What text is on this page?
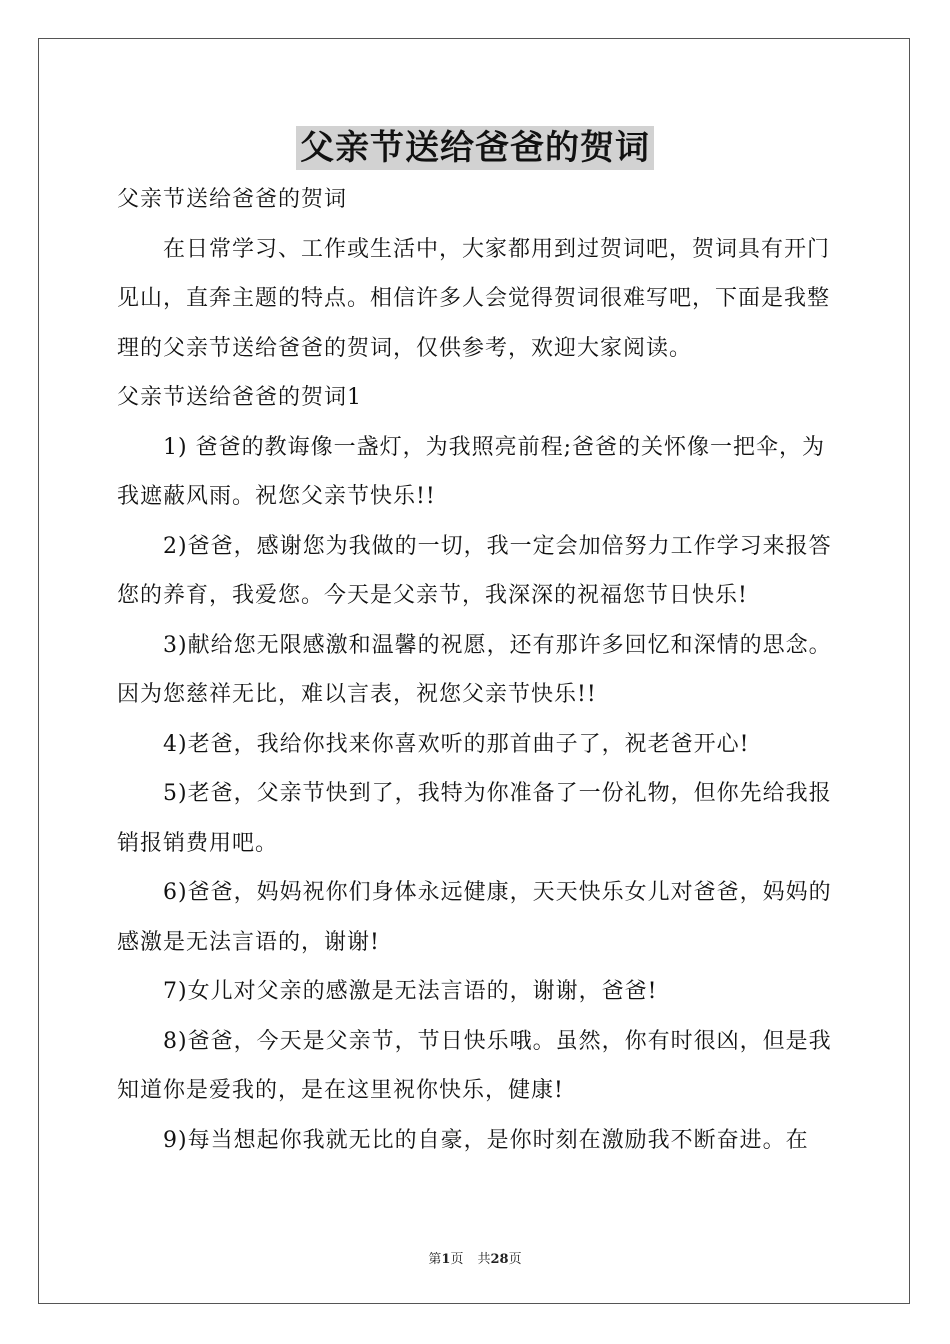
父亲节送给爸爸的贺词

父亲节送给爸爸的贺词

在日常学习、工作或生活中，大家都用到过贺词吧，贺词具有开门见山，直奔主题的特点。相信许多人会觉得贺词很难写吧，下面是我整理的父亲节送给爸爸的贺词，仅供参考，欢迎大家阅读。

父亲节送给爸爸的贺词1

1) 爸爸的教诲像一盏灯，为我照亮前程;爸爸的关怀像一把伞，为我遮蔽风雨。祝您父亲节快乐!!

2)爸爸，感谢您为我做的一切，我一定会加倍努力工作学习来报答您的养育，我爱您。今天是父亲节，我深深的祝福您节日快乐!

3)献给您无限感激和温馨的祝愿，还有那许多回忆和深情的思念。因为您慈祥无比，难以言表，祝您父亲节快乐!!

4)老爸，我给你找来你喜欢听的那首曲子了，祝老爸开心!

5)老爸，父亲节快到了，我特为你准备了一份礼物，但你先给我报销报销费用吧。

6)爸爸，妈妈祝你们身体永远健康，天天快乐女儿对爸爸，妈妈的感激是无法言语的，谢谢!

7)女儿对父亲的感激是无法言语的，谢谢，爸爸!

8)爸爸，今天是父亲节，节日快乐哦。虽然，你有时很凶，但是我知道你是爱我的，是在这里祝你快乐，健康!

9)每当想起你我就无比的自豪，是你时刻在激励我不断奋进。在

第1页 共28页
